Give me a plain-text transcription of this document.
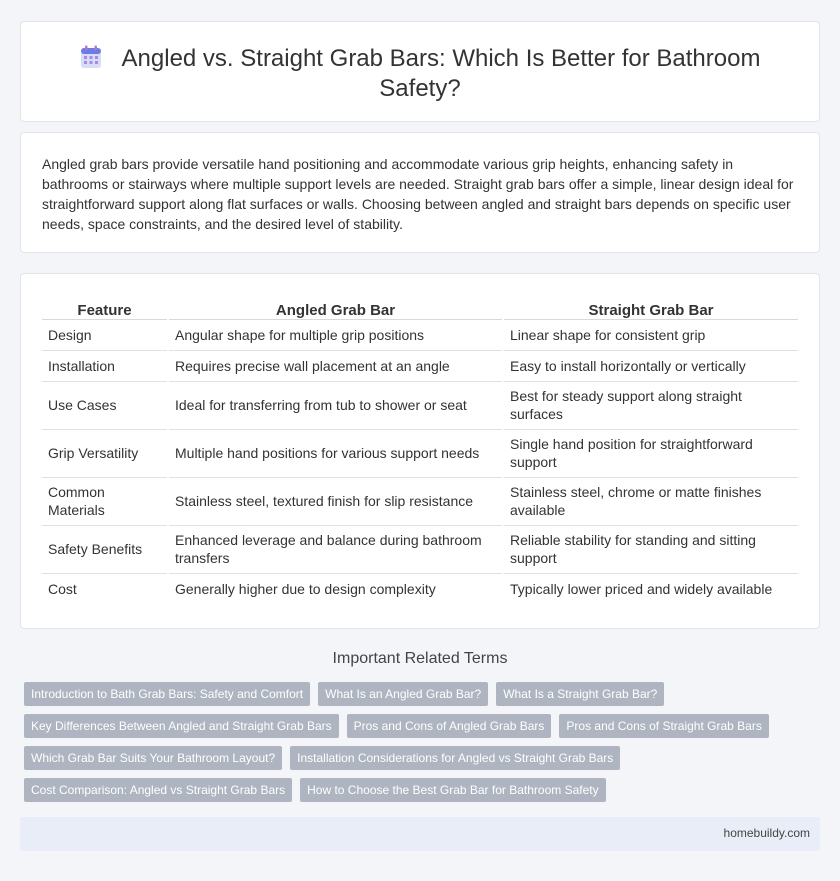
Angled vs. Straight Grab Bars: Which Is Better for Bathroom Safety?

Angled grab bars provide versatile hand positioning and accommodate various grip heights, enhancing safety in bathrooms or stairways where multiple support levels are needed. Straight grab bars offer a simple, linear design ideal for straightforward support along flat surfaces or walls. Choosing between angled and straight bars depends on specific user needs, space constraints, and the desired level of stability.

Feature	Angled Grab Bar	Straight Grab Bar
Design	Angular shape for multiple grip positions	Linear shape for consistent grip
Installation	Requires precise wall placement at an angle	Easy to install horizontally or vertically
Use Cases	Ideal for transferring from tub to shower or seat	Best for steady support along straight surfaces
Grip Versatility	Multiple hand positions for various support needs	Single hand position for straightforward support
Common Materials	Stainless steel, textured finish for slip resistance	Stainless steel, chrome or matte finishes available
Safety Benefits	Enhanced leverage and balance during bathroom transfers	Reliable stability for standing and sitting support
Cost	Generally higher due to design complexity	Typically lower priced and widely available
Important Related Terms
Introduction to Bath Grab Bars: Safety and Comfort	What Is an Angled Grab Bar?	What Is a Straight Grab Bar?
Key Differences Between Angled and Straight Grab Bars	Pros and Cons of Angled Grab Bars	Pros and Cons of Straight Grab Bars
Which Grab Bar Suits Your Bathroom Layout?	Installation Considerations for Angled vs Straight Grab Bars
Cost Comparison: Angled vs Straight Grab Bars	How to Choose the Best Grab Bar for Bathroom Safety
homebuildy.com
